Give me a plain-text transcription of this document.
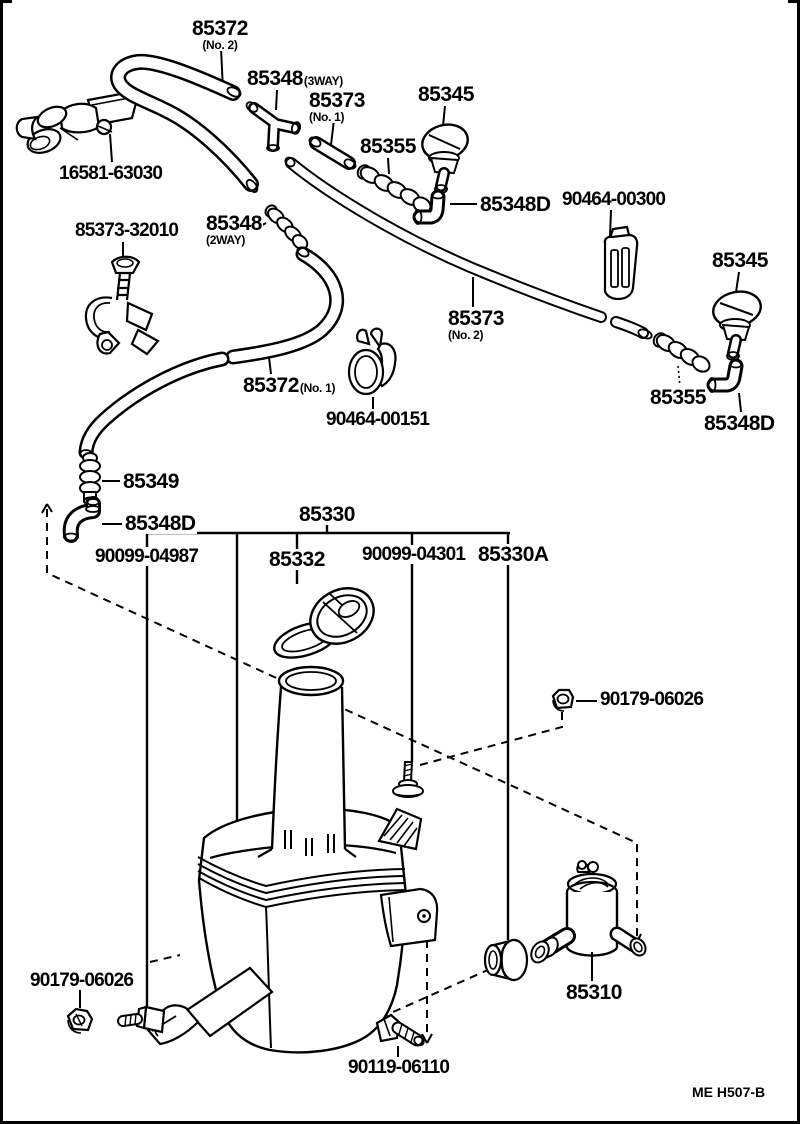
85372
(No. 2)
85348(3WAY)
85373
(No. 1)
85355
85345
16581-63030
90464-00300
85373-32010 85348
(2WAY)
85345
85373
(No. 2)
85372(No. 1)
90464-00151
85355
85348D
85348D
85349
85348D	85330
90099-04987	85332 90099-04301 85330A
90179-06026
90179-06026
85310
90119-06110
ME H507-B
